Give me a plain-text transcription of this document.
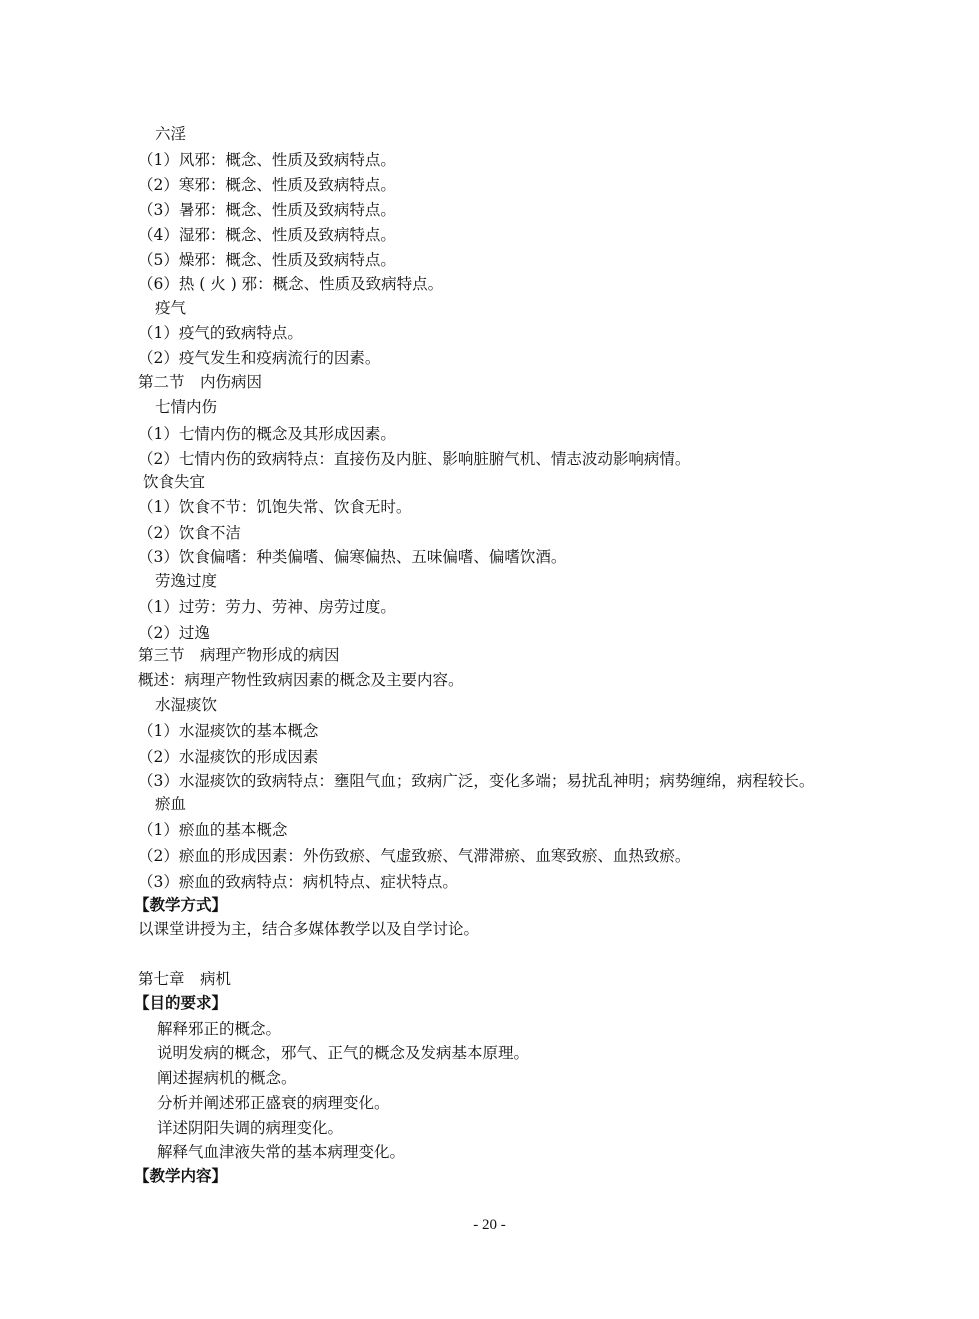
六淫
（1）风邪：概念、性质及致病特点。
（2）寒邪：概念、性质及致病特点。
（3）暑邪：概念、性质及致病特点。
（4）湿邪：概念、性质及致病特点。
（5）燥邪：概念、性质及致病特点。
（6）热 ( 火 ) 邪：概念、性质及致病特点。
疫气
（1）疫气的致病特点。
（2）疫气发生和疫病流行的因素。
第二节　内伤病因
七情内伤
（1）七情内伤的概念及其形成因素。
（2）七情内伤的致病特点：直接伤及内脏、影响脏腑气机、情志波动影响病情。
饮食失宜
（1）饮食不节：饥饱失常、饮食无时。
（2）饮食不洁
（3）饮食偏嗜：种类偏嗜、偏寒偏热、五味偏嗜、偏嗜饮酒。
劳逸过度
（1）过劳：劳力、劳神、房劳过度。
（2）过逸
第三节　病理产物形成的病因
概述：病理产物性致病因素的概念及主要内容。
水湿痰饮
（1）水湿痰饮的基本概念
（2）水湿痰饮的形成因素
（3）水湿痰饮的致病特点：壅阻气血；致病广泛，变化多端；易扰乱神明；病势缠绵，病程较长。
瘀血
（1）瘀血的基本概念
（2）瘀血的形成因素：外伤致瘀、气虚致瘀、气滞滞瘀、血寒致瘀、血热致瘀。
（3）瘀血的致病特点：病机特点、症状特点。
【教学方式】
以课堂讲授为主，结合多媒体教学以及自学讨论。
第七章　病机
【目的要求】
解释邪正的概念。
说明发病的概念，邪气、正气的概念及发病基本原理。
阐述握病机的概念。
分析并阐述邪正盛衰的病理变化。
详述阴阳失调的病理变化。
解释气血津液失常的基本病理变化。
【教学内容】
- 20 -
